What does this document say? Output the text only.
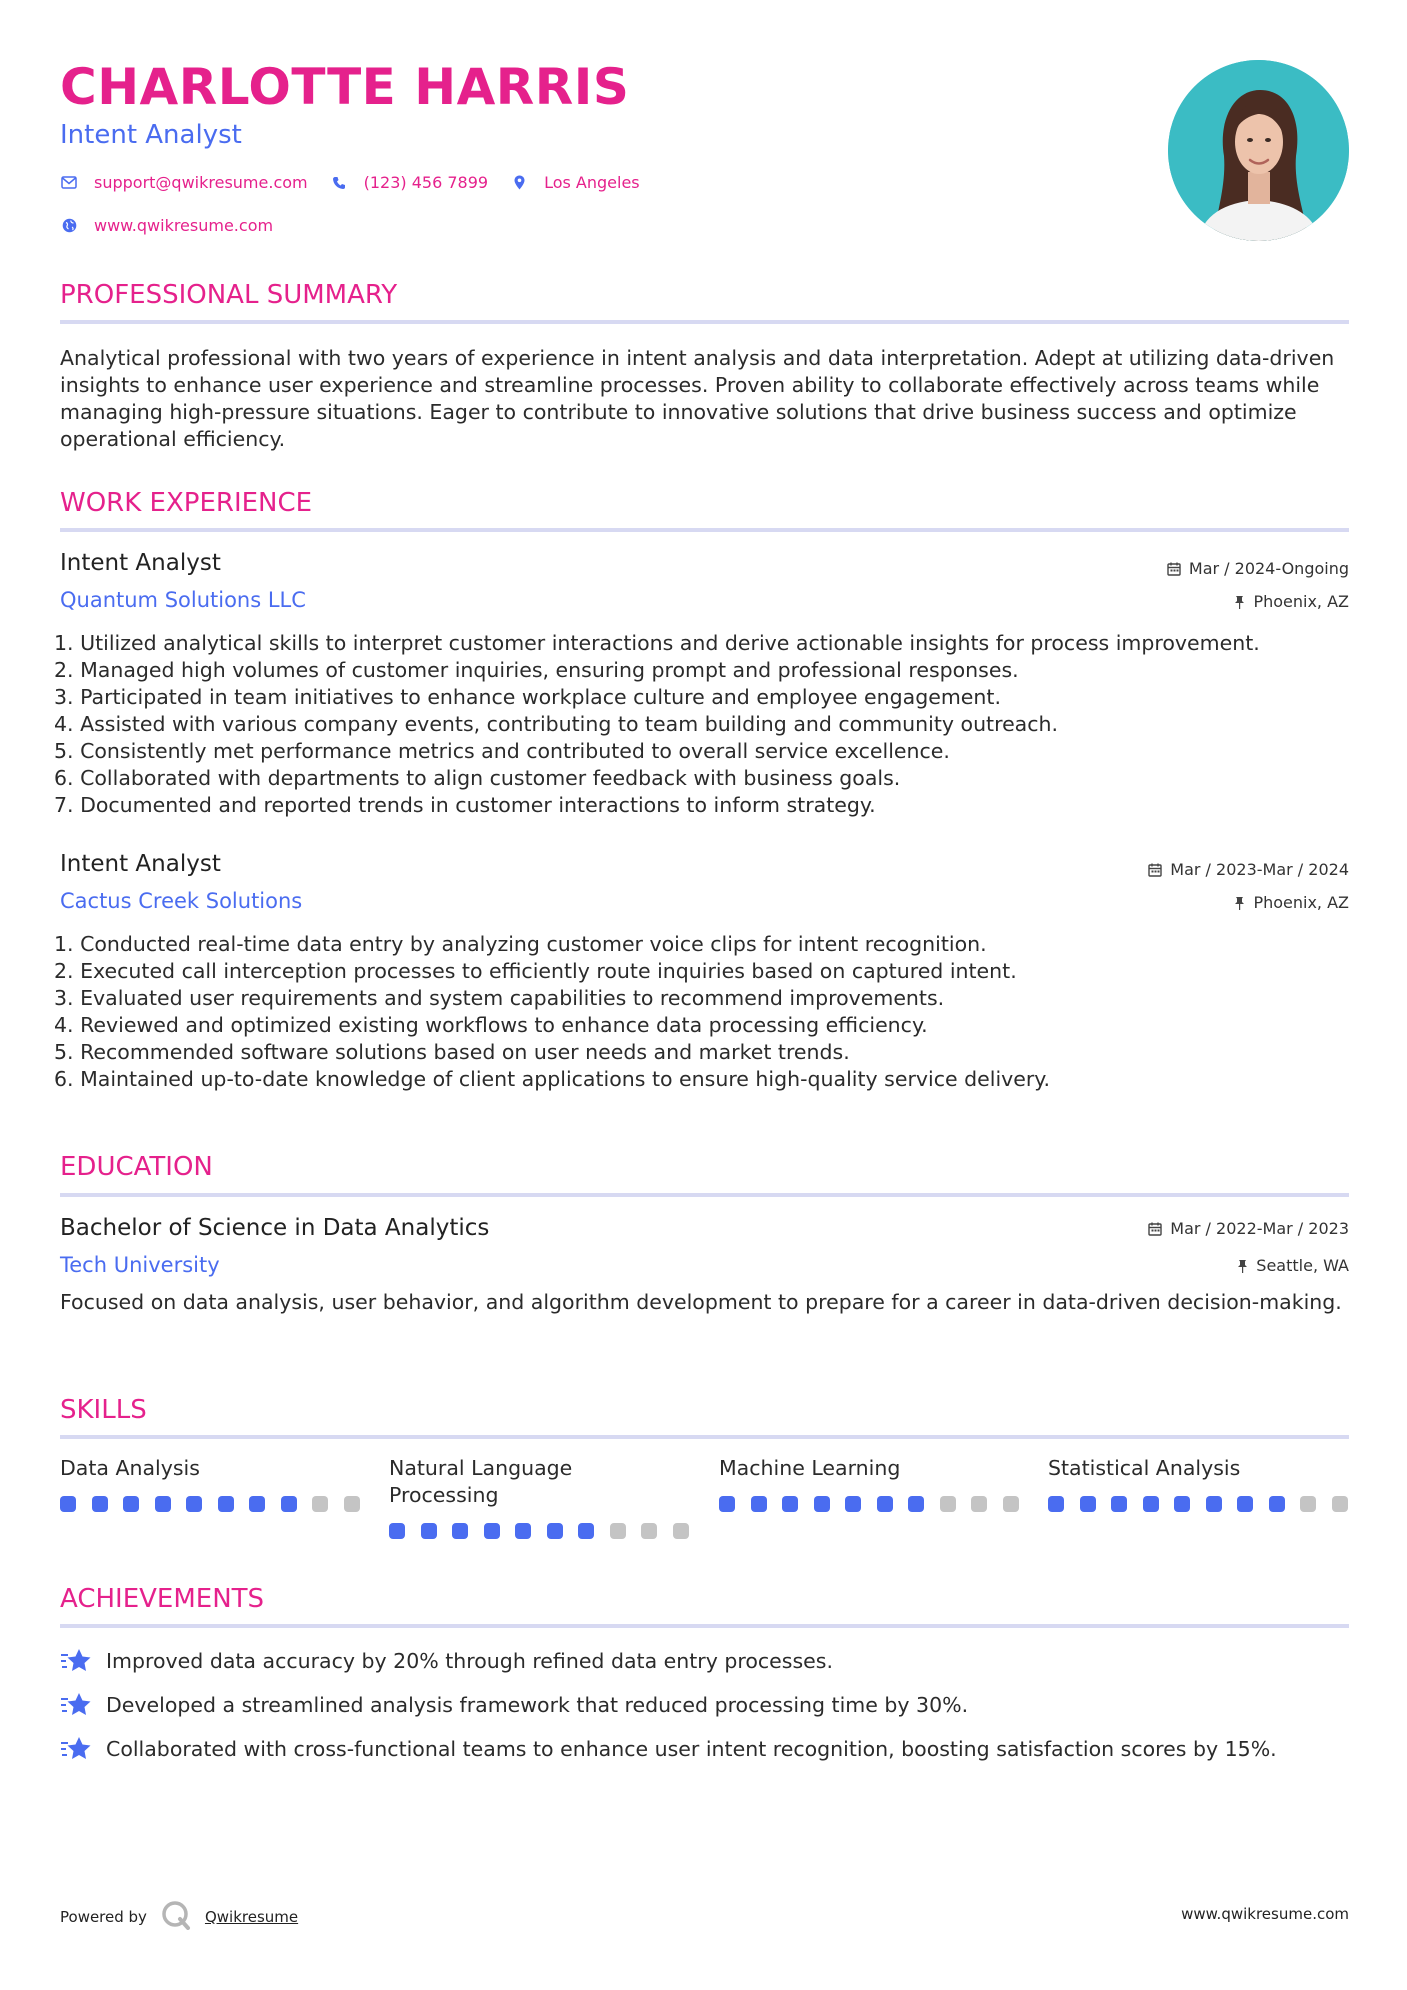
CHARLOTTE HARRIS
Intent Analyst
support@qwikresume.com	(123) 456 7899	Los Angeles
www.qwikresume.com
PROFESSIONAL SUMMARY
Analytical professional with two years of experience in intent analysis and data interpretation. Adept at utilizing data-driven insights to enhance user experience and streamline processes. Proven ability to collaborate effectively across teams while managing high-pressure situations. Eager to contribute to innovative solutions that drive business success and optimize operational efficiency.
WORK EXPERIENCE
Intent Analyst
Quantum Solutions LLC
Mar / 2024-Ongoing
Phoenix, AZ
1. Utilized analytical skills to interpret customer interactions and derive actionable insights for process improvement.
2. Managed high volumes of customer inquiries, ensuring prompt and professional responses.
3. Participated in team initiatives to enhance workplace culture and employee engagement.
4. Assisted with various company events, contributing to team building and community outreach.
5. Consistently met performance metrics and contributed to overall service excellence.
6. Collaborated with departments to align customer feedback with business goals.
7. Documented and reported trends in customer interactions to inform strategy.
Intent Analyst
Cactus Creek Solutions
Mar / 2023-Mar / 2024
Phoenix, AZ
1. Conducted real-time data entry by analyzing customer voice clips for intent recognition.
2. Executed call interception processes to efficiently route inquiries based on captured intent.
3. Evaluated user requirements and system capabilities to recommend improvements.
4. Reviewed and optimized existing workflows to enhance data processing efficiency.
5. Recommended software solutions based on user needs and market trends.
6. Maintained up-to-date knowledge of client applications to ensure high-quality service delivery.
EDUCATION
Bachelor of Science in Data Analytics
Tech University
Mar / 2022-Mar / 2023
Seattle, WA
Focused on data analysis, user behavior, and algorithm development to prepare for a career in data-driven decision-making.
SKILLS
Data Analysis	Natural Language Processing
Machine Learning	Statistical Analysis
ACHIEVEMENTS
Improved data accuracy by 20% through refined data entry processes.
Developed a streamlined analysis framework that reduced processing time by 30%.
Collaborated with cross-functional teams to enhance user intent recognition, boosting satisfaction scores by 15%.
Powered by	Qwikresume	www.qwikresume.com
